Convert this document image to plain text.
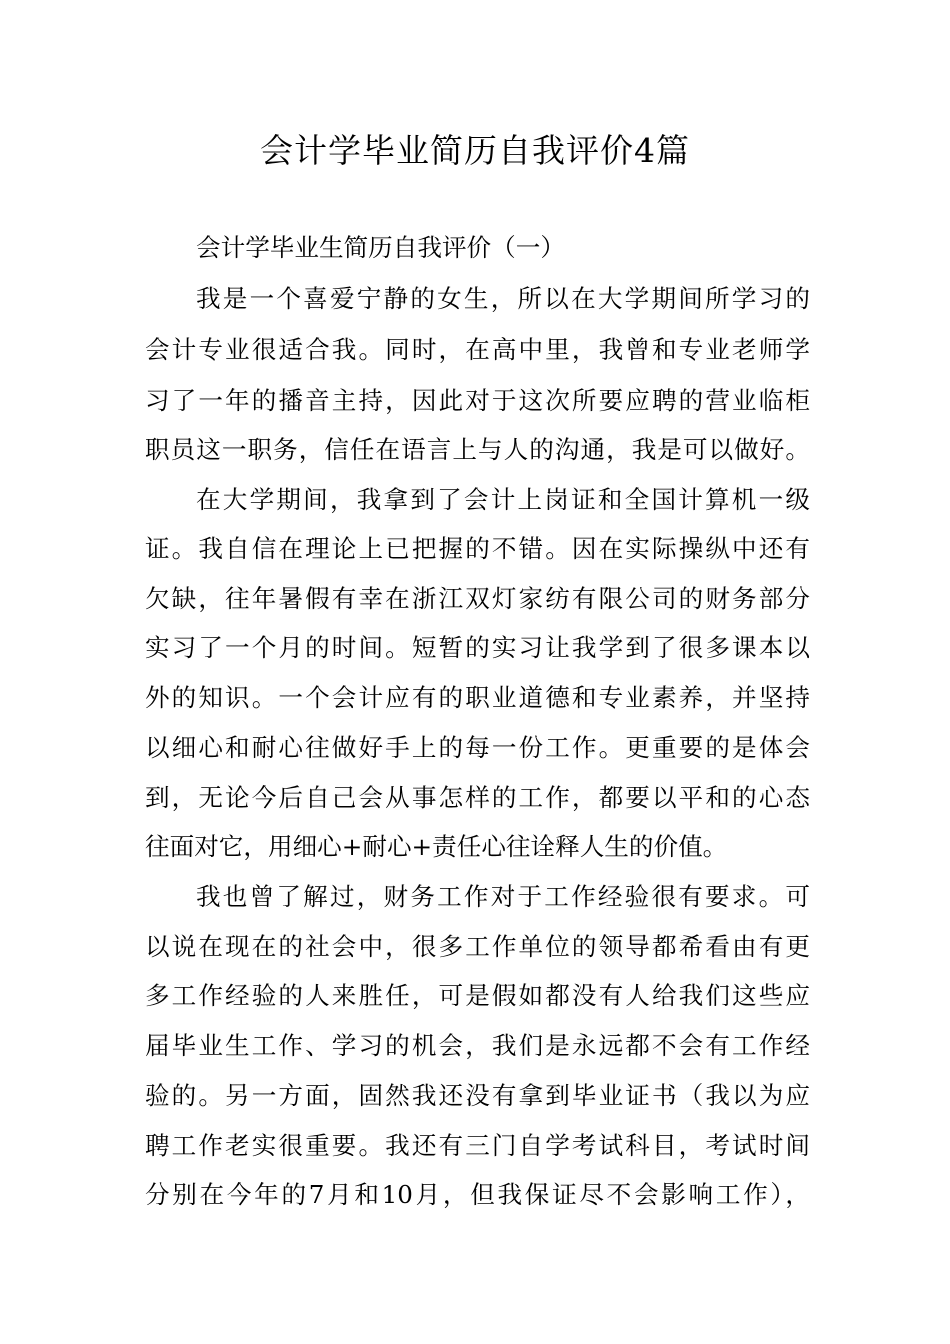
会计学毕业简历自我评价4篇

会计学毕业生简历自我评价（一）

我是一个喜爱宁静的女生，所以在大学期间所学习的

会计专业很适合我。同时，在高中里，我曾和专业老师学

习了一年的播音主持，因此对于这次所要应聘的营业临柜

职员这一职务，信任在语言上与人的沟通，我是可以做好。

在大学期间，我拿到了会计上岗证和全国计算机一级

证。我自信在理论上已把握的不错。因在实际操纵中还有

欠缺，往年暑假有幸在浙江双灯家纺有限公司的财务部分

实习了一个月的时间。短暂的实习让我学到了很多课本以

外的知识。一个会计应有的职业道德和专业素养，并坚持

以细心和耐心往做好手上的每一份工作。更重要的是体会

到，无论今后自己会从事怎样的工作，都要以平和的心态

往面对它，用细心+耐心+责任心往诠释人生的价值。

我也曾了解过，财务工作对于工作经验很有要求。可

以说在现在的社会中，很多工作单位的领导都希看由有更

多工作经验的人来胜任，可是假如都没有人给我们这些应

届毕业生工作、学习的机会，我们是永远都不会有工作经

验的。另一方面，固然我还没有拿到毕业证书（我以为应

聘工作老实很重要。我还有三门自学考试科目，考试时间

分别在今年的7月和10月，但我保证尽不会影响工作），
